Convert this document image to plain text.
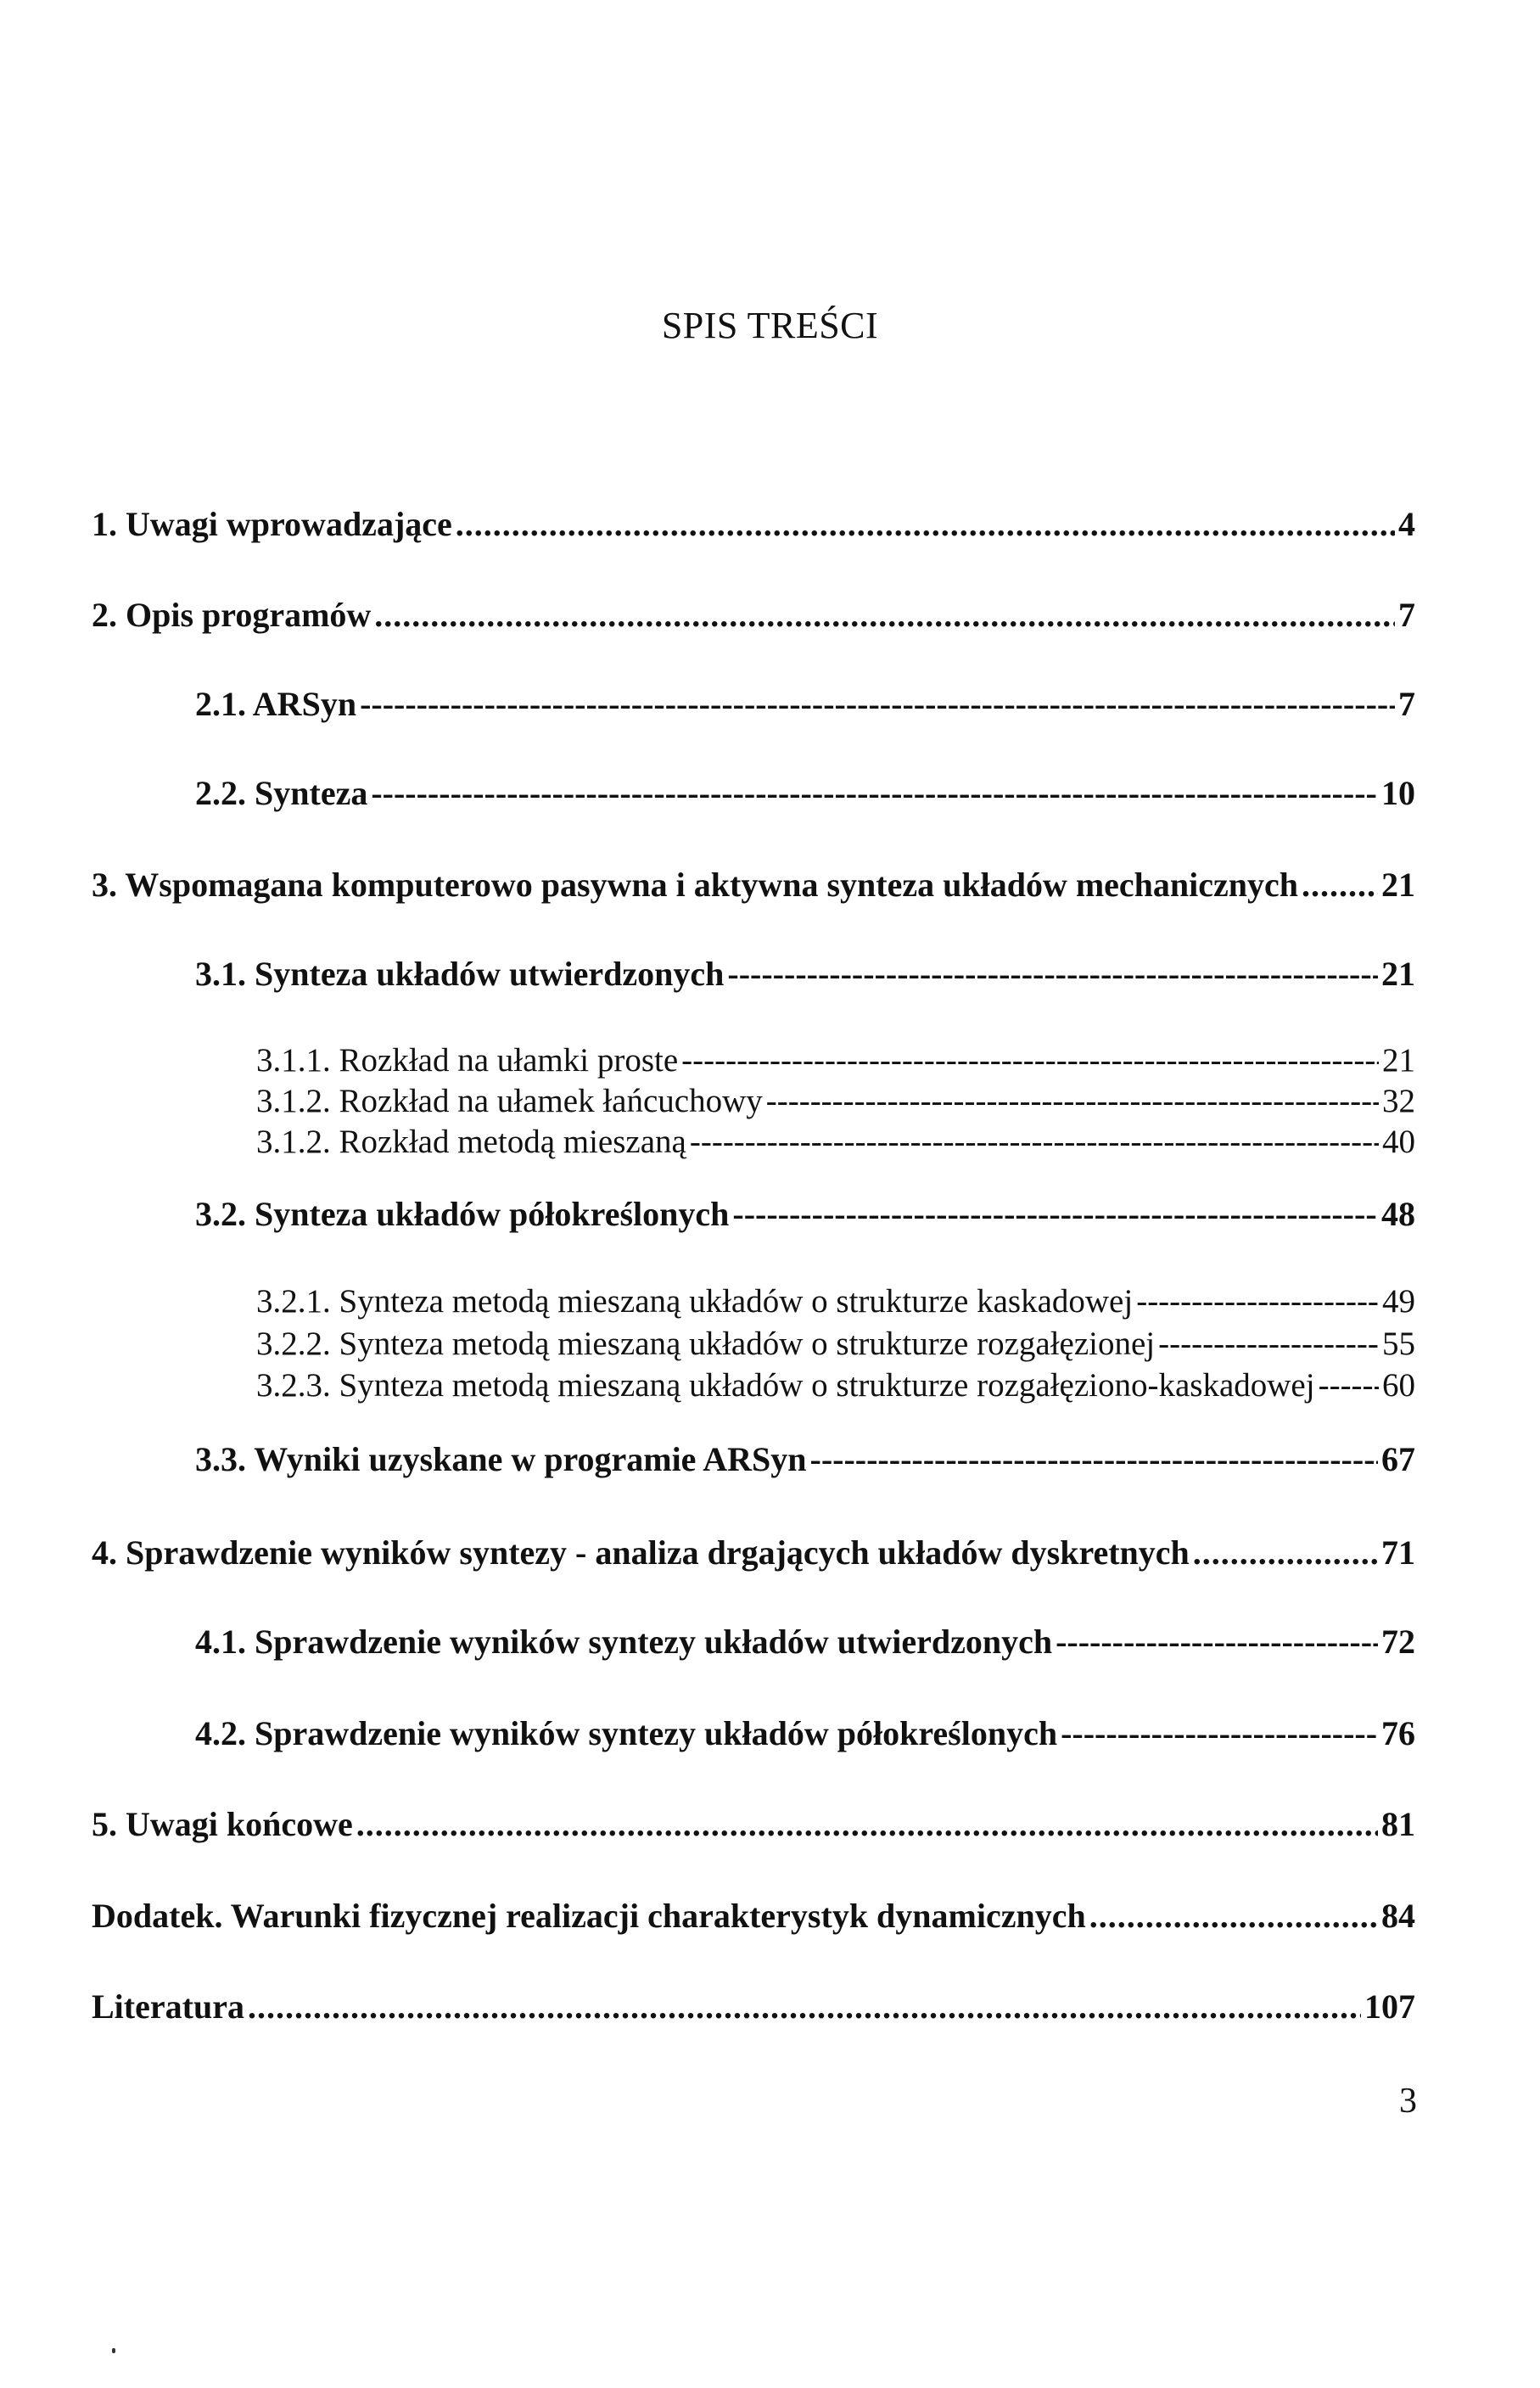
SPIS TREŚCI
1. Uwagi wprowadzające .....	4
2. Opis programów .....	7
2.1. ARSyn -----	7
2.2. Synteza -----	10
3. Wspomagana komputerowo pasywna i aktywna synteza układów mechanicznych ..... 21
3.1. Synteza układów utwierdzonych -----	21
3.1.1. Rozkład na ułamki proste -----	21
3.1.2. Rozkład na ułamek łańcuchowy -----	32
3.1.2. Rozkład metodą mieszaną -----	40
3.2. Synteza układów półokreślonych -----	48
3.2.1. Synteza metodą mieszaną układów o strukturze kaskadowej -----	49
3.2.2. Synteza metodą mieszaną układów o strukturze rozgałęzionej -----	55
3.2.3. Synteza metodą mieszaną układów o strukturze rozgałęziono-kaskadowej ----- 60
3.3. Wyniki uzyskane w programie ARSyn -----	67
4. Sprawdzenie wyników syntezy - analiza drgających układów dyskretnych .....	71
4.1. Sprawdzenie wyników syntezy układów utwierdzonych -----	72
4.2. Sprawdzenie wyników syntezy układów półokreślonych -----	76
5. Uwagi końcowe .....	81
Dodatek. Warunki fizycznej realizacji charakterystyk dynamicznych .....	84
Literatura .....	107
3
